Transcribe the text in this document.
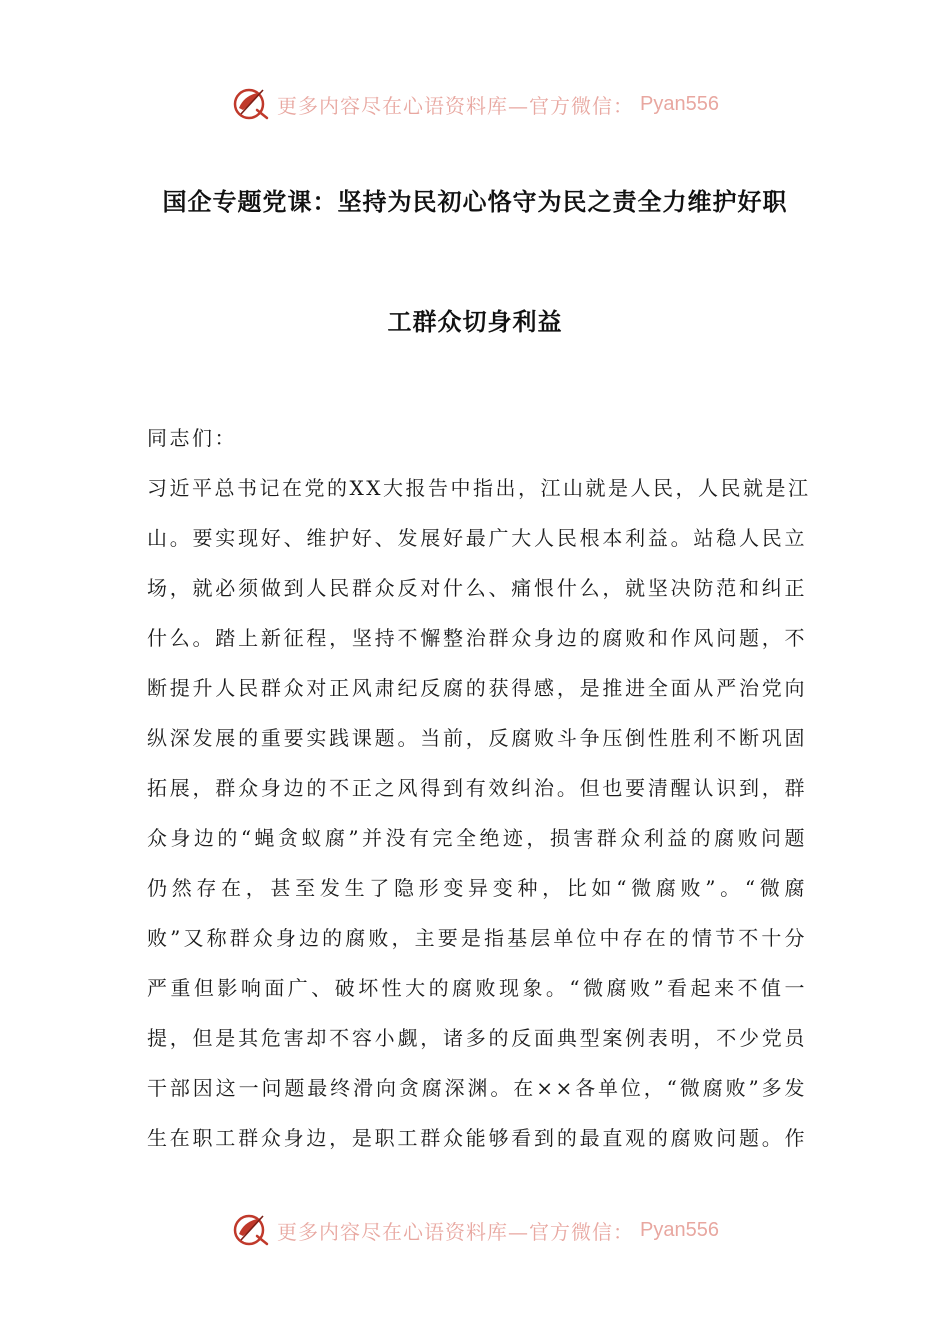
更多内容尽在心语资料库—官方微信： Pyan556
国企专题党课：坚持为民初心恪守为民之责全力维护好职
工群众切身利益
同志们：
习近平总书记在党的XX大报告中指出，江山就是人民，人民就是江
山。要实现好、维护好、发展好最广大人民根本利益。站稳人民立
场，就必须做到人民群众反对什么、痛恨什么，就坚决防范和纠正
什么。踏上新征程，坚持不懈整治群众身边的腐败和作风问题，不
断提升人民群众对正风肃纪反腐的获得感，是推进全面从严治党向
纵深发展的重要实践课题。当前，反腐败斗争压倒性胜利不断巩固
拓展，群众身边的不正之风得到有效纠治。但也要清醒认识到，群
众身边的“蝇贪蚁腐”并没有完全绝迹，损害群众利益的腐败问题
仍然存在，甚至发生了隐形变异变种，比如“微腐败”。“微腐
败”又称群众身边的腐败，主要是指基层单位中存在的情节不十分
严重但影响面广、破坏性大的腐败现象。“微腐败”看起来不值一
提，但是其危害却不容小觑，诸多的反面典型案例表明，不少党员
干部因这一问题最终滑向贪腐深渊。在××各单位，“微腐败”多发
生在职工群众身边，是职工群众能够看到的最直观的腐败问题。作
更多内容尽在心语资料库—官方微信： Pyan556
